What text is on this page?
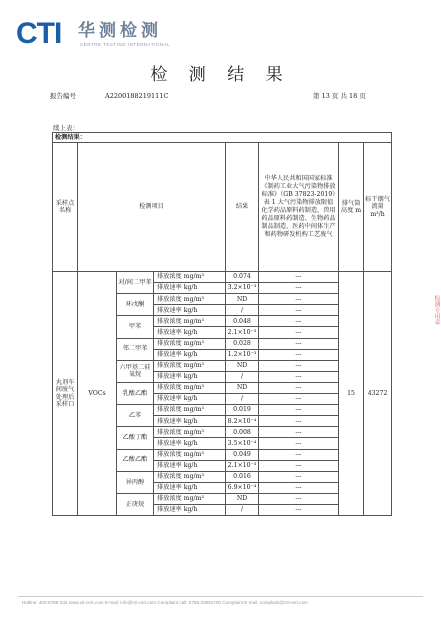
CTI 华测检测
CENTRE TESTING INTERNATIONAL
检 测 结 果
报告编号	A2200188219111C	第 13 页 共 18 页
续上表：
检测结果：							
采样点名称	检测项目			结果	中华人民共和国国家标准《制药工业大气污染物排放标准》（GB 37823-2019）表 1 大气污染物排放限值 化学药品原料药制造、兽用药品原料药制造、生物药品制品制造、医药中间体生产和药物研发机构工艺废气	排气筒高度 m	标干烟气流量 m³/h
丸剂车间废气处理后采样口	VOCs	对/间二甲苯	排放浓度 mg/m³	0.074	---	15	43272
			排放速率 kg/h	3.2×10⁻³	---		
		环戊酮	排放浓度 mg/m³	ND	---		
			排放速率 kg/h	/	---		
		甲苯	排放浓度 mg/m³	0.048	---		
			排放速率 kg/h	2.1×10⁻³	---		
		邻二甲苯	排放浓度 mg/m³	0.028	---		
			排放速率 kg/h	1.2×10⁻³	---		
		六甲基二硅氧烷	排放浓度 mg/m³	ND	---		
			排放速率 kg/h	/	---		
		乳酸乙酯	排放浓度 mg/m³	ND	---		
			排放速率 kg/h	/	---		
		乙苯	排放浓度 mg/m³	0.019	---		
			排放速率 kg/h	8.2×10⁻⁴	---		
		乙酸丁酯	排放浓度 mg/m³	0.008	---		
			排放速率 kg/h	3.5×10⁻⁴	---		
		乙酸乙酯	排放浓度 mg/m³	0.049	---		
			排放速率 kg/h	2.1×10⁻³	---		
		异丙醇	排放浓度 mg/m³	0.016	---		
			排放速率 kg/h	6.9×10⁻⁴	---		
		正庚烷	排放浓度 mg/m³	ND	---		
			排放速率 kg/h	/	---		
检测专用章
Hotline: 400-6788-333 www.cti-cert.com E-mail: info@cti-cert.com Complaint call: 0755-33681700 Complaint E-mail: complaint@cti-cert.com
